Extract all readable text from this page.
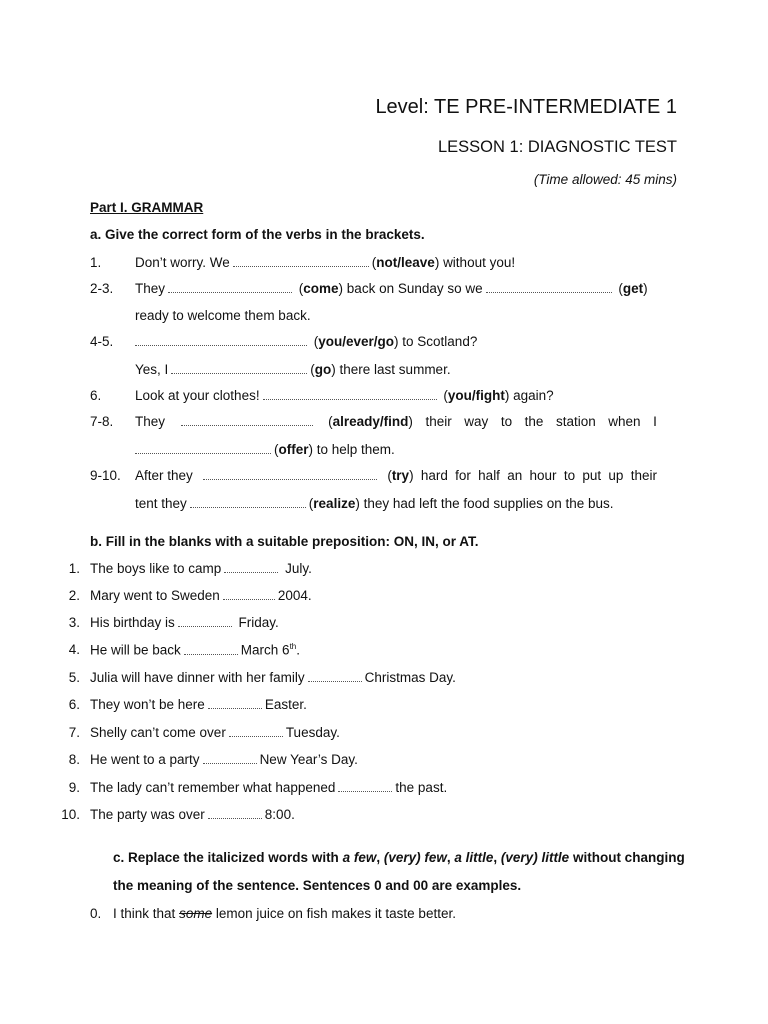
Level: TE PRE-INTERMEDIATE 1
LESSON 1: DIAGNOSTIC TEST
(Time allowed: 45 mins)
Part I. GRAMMAR
a. Give the correct form of the verbs in the brackets.
1. Don’t worry. We	(not/leave) without you!
2-3. They	(come) back on Sunday so we	(get)
ready to welcome them back.
4-5.	(you/ever/go) to Scotland?
Yes, I	(go) there last summer.
6. Look at your clothes!	(you/fight) again?
7-8. They	(already/find) their way to the station when I
(offer) to help them.
9-10. After they	(try) hard for half an hour to put up their
tent they	(realize) they had left the food supplies on the bus.
b. Fill in the blanks with a suitable preposition: ON, IN, or AT.
1. The boys like to camp	July.
2. Mary went to Sweden	2004.
3. His birthday is	Friday.
4. He will be back	March 6th.
5. Julia will have dinner with her family	Christmas Day.
6. They won’t be here	Easter.
7. Shelly can’t come over	Tuesday.
8. He went to a party	New Year’s Day.
9. The lady can’t remember what happened	the past.
10. The party was over	8:00.
c. Replace the italicized words with a few, (very) few, a little, (very) little without changing
the meaning of the sentence. Sentences 0 and 00 are examples.
0. I think that some lemon juice on fish makes it taste better.
